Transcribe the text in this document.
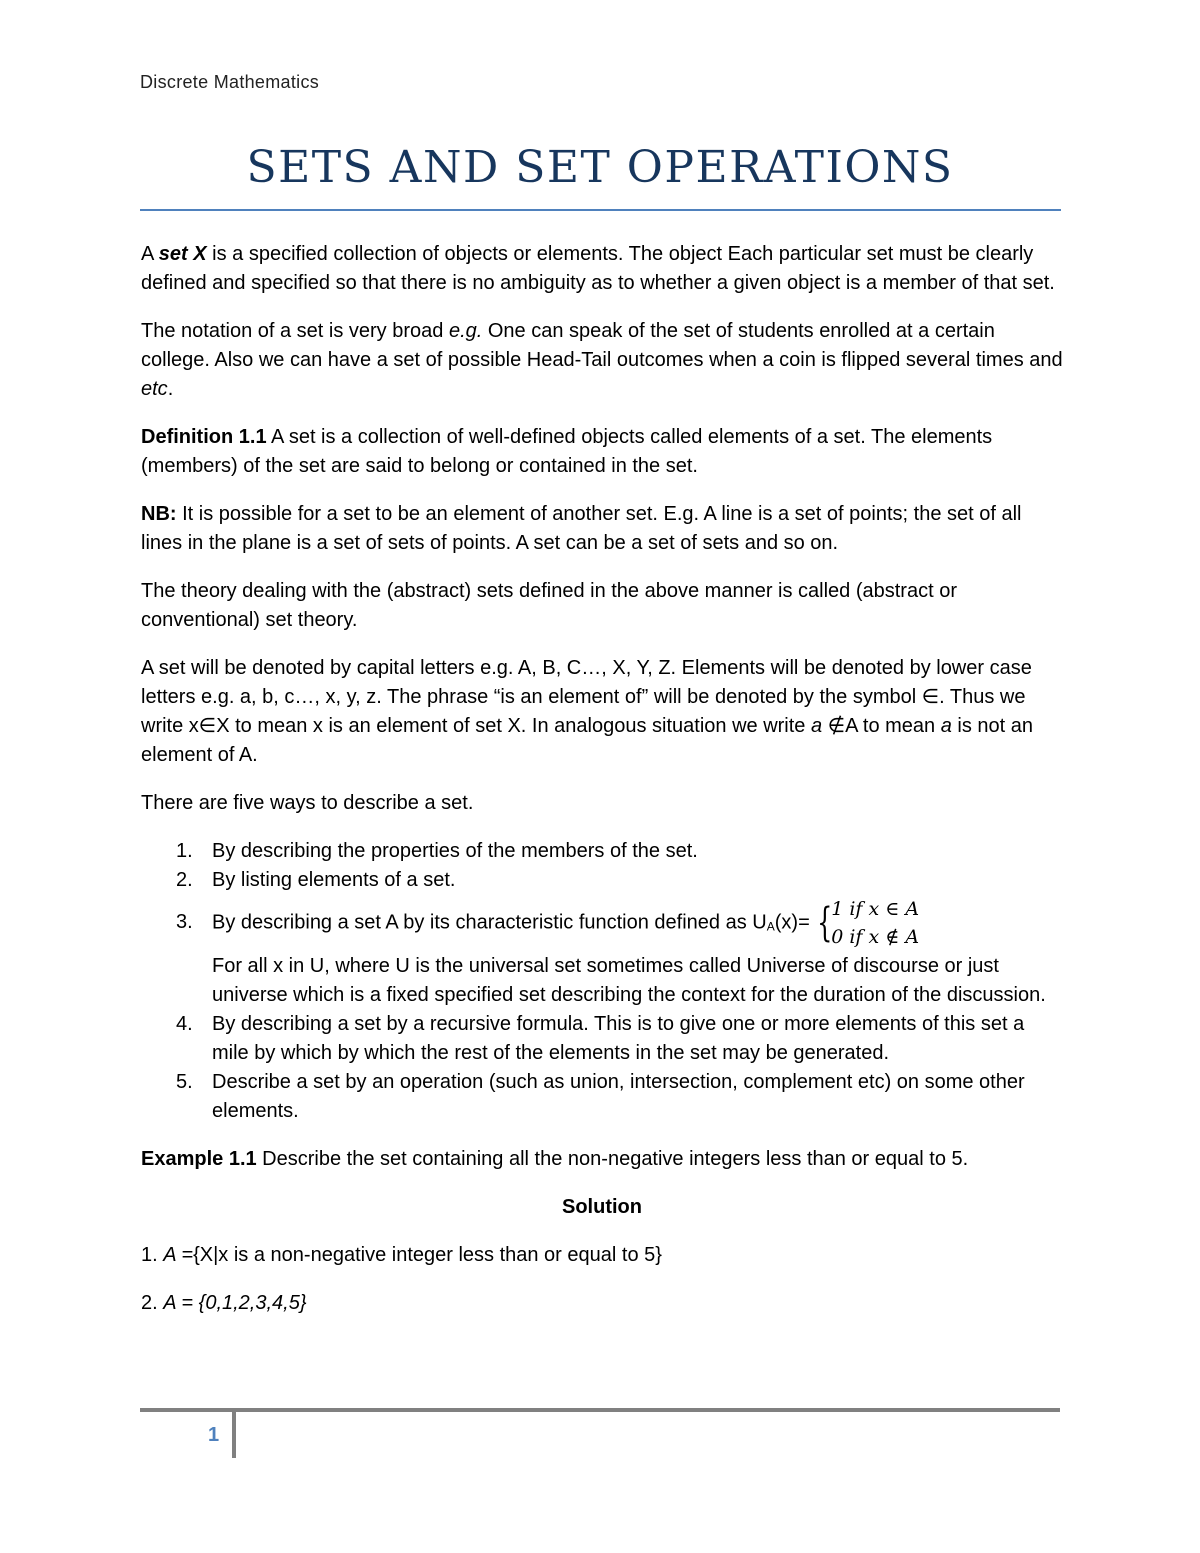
Discrete Mathematics
SETS AND SET OPERATIONS

A set X is a specified collection of objects or elements. The object Each particular set must be clearly defined and specified so that there is no ambiguity as to whether a given object is a member of that set.

The notation of a set is very broad e.g. One can speak of the set of students enrolled at a certain college. Also we can have a set of possible Head-Tail outcomes when a coin is flipped several times and etc.

Definition 1.1 A set is a collection of well-defined objects called elements of a set. The elements (members) of the set are said to belong or contained in the set.

NB: It is possible for a set to be an element of another set. E.g. A line is a set of points; the set of all lines in the plane is a set of sets of points. A set can be a set of sets and so on.

The theory dealing with the (abstract) sets defined in the above manner is called (abstract or conventional) set theory.

A set will be denoted by capital letters e.g. A, B, C…, X, Y, Z. Elements will be denoted by lower case letters e.g. a, b, c…, x, y, z. The phrase “is an element of” will be denoted by the symbol ∈. Thus we write x∈X to mean x is an element of set X. In analogous situation we write a ∉A to mean a is not an element of A.

There are five ways to describe a set.

1. By describing the properties of the members of the set.
2. By listing elements of a set.
3. By describing a set A by its characteristic function defined as $U_A(x)=$ { 1 if x ∈ A
0 if x ∉ A

For all x in U, where U is the universal set sometimes called Universe of discourse or just universe which is a fixed specified set describing the context for the duration of the discussion.
4. By describing a set by a recursive formula. This is to give one or more elements of this set a mile by which by which the rest of the elements in the set may be generated.
5. Describe a set by an operation (such as union, intersection, complement etc) on some other elements.

Example 1.1 Describe the set containing all the non-negative integers less than or equal to 5.

Solution

1. A ={X|x is a non-negative integer less than or equal to 5}

2. A = {0,1,2,3,4,5}

1
